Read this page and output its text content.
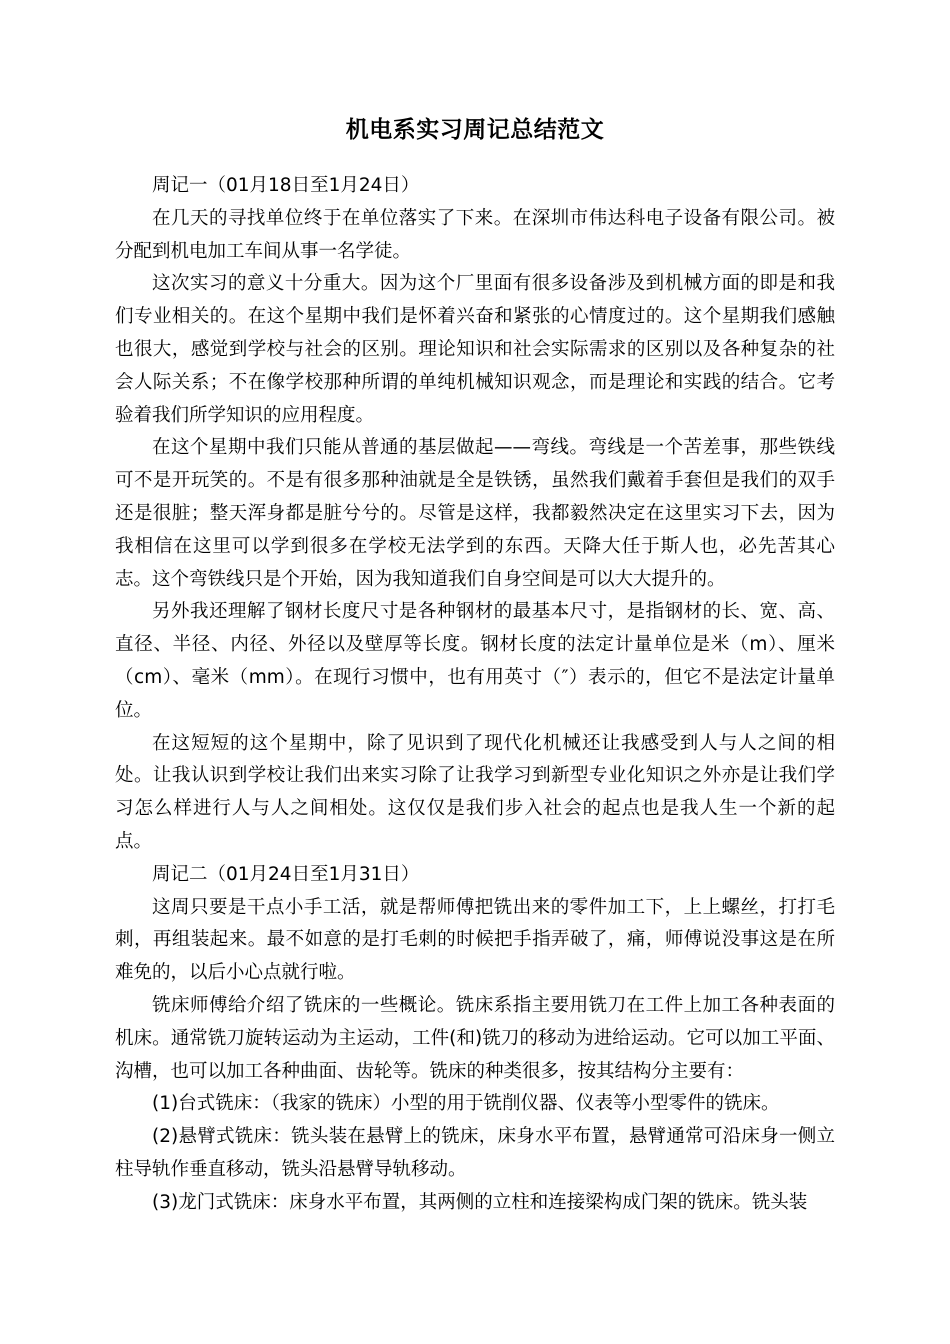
机电系实习周记总结范文

周记一（01月18日至1月24日）

在几天的寻找单位终于在单位落实了下来。在深圳市伟达科电子设备有限公司。被分配到机电加工车间从事一名学徒。

这次实习的意义十分重大。因为这个厂里面有很多设备涉及到机械方面的即是和我们专业相关的。在这个星期中我们是怀着兴奋和紧张的心情度过的。这个星期我们感触也很大，感觉到学校与社会的区别。理论知识和社会实际需求的区别以及各种复杂的社会人际关系；不在像学校那种所谓的单纯机械知识观念，而是理论和实践的结合。它考验着我们所学知识的应用程度。

在这个星期中我们只能从普通的基层做起——弯线。弯线是一个苦差事，那些铁线可不是开玩笑的。不是有很多那种油就是全是铁锈，虽然我们戴着手套但是我们的双手还是很脏；整天浑身都是脏兮兮的。尽管是这样，我都毅然决定在这里实习下去，因为我相信在这里可以学到很多在学校无法学到的东西。天降大任于斯人也，必先苦其心志。这个弯铁线只是个开始，因为我知道我们自身空间是可以大大提升的。

另外我还理解了钢材长度尺寸是各种钢材的最基本尺寸，是指钢材的长、宽、高、直径、半径、内径、外径以及壁厚等长度。钢材长度的法定计量单位是米（m）、厘米（cm）、毫米（mm）。在现行习惯中，也有用英寸（″）表示的，但它不是法定计量单位。

在这短短的这个星期中，除了见识到了现代化机械还让我感受到人与人之间的相处。让我认识到学校让我们出来实习除了让我学习到新型专业化知识之外亦是让我们学习怎么样进行人与人之间相处。这仅仅是我们步入社会的起点也是我人生一个新的起点。

周记二（01月24日至1月31日）

这周只要是干点小手工活，就是帮师傅把铣出来的零件加工下，上上螺丝，打打毛刺，再组装起来。最不如意的是打毛刺的时候把手指弄破了，痛，师傅说没事这是在所难免的，以后小心点就行啦。

铣床师傅给介绍了铣床的一些概论。铣床系指主要用铣刀在工件上加工各种表面的机床。通常铣刀旋转运动为主运动，工件(和)铣刀的移动为进给运动。它可以加工平面、沟槽，也可以加工各种曲面、齿轮等。铣床的种类很多，按其结构分主要有：

(1)台式铣床：（我家的铣床）小型的用于铣削仪器、仪表等小型零件的铣床。

(2)悬臂式铣床：铣头装在悬臂上的铣床，床身水平布置，悬臂通常可沿床身一侧立柱导轨作垂直移动，铣头沿悬臂导轨移动。

(3)龙门式铣床：床身水平布置，其两侧的立柱和连接梁构成门架的铣床。铣头装
